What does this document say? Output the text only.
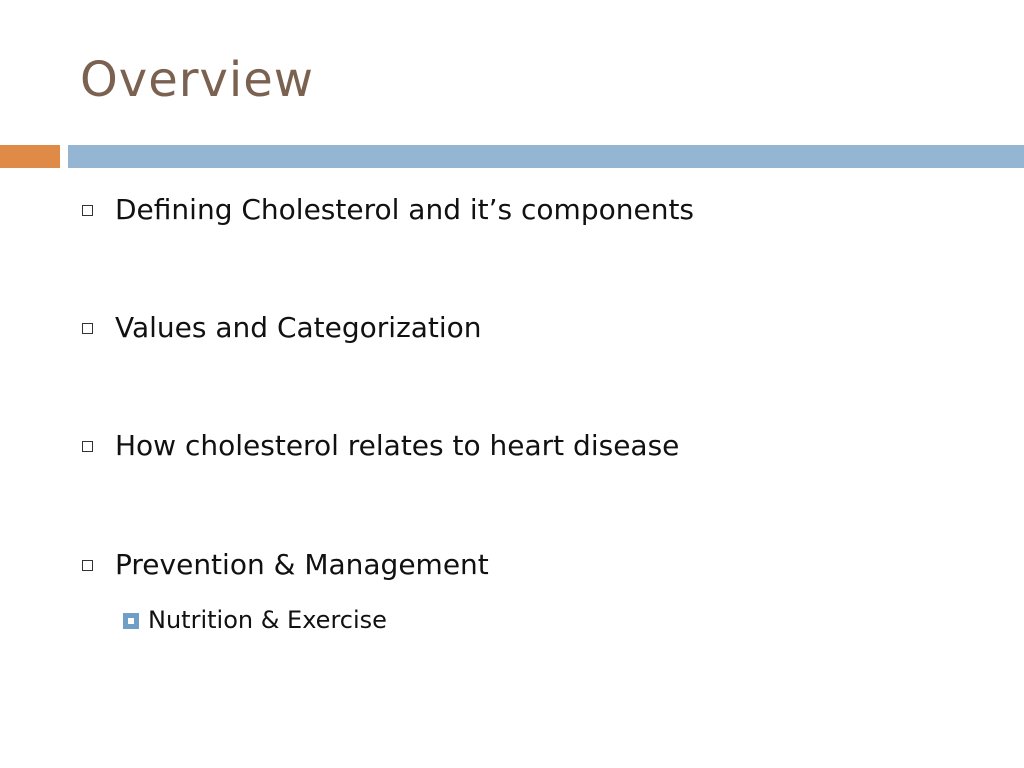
Overview
Defining Cholesterol and it’s components
Values and Categorization
How cholesterol relates to heart disease
Prevention & Management
Nutrition & Exercise
